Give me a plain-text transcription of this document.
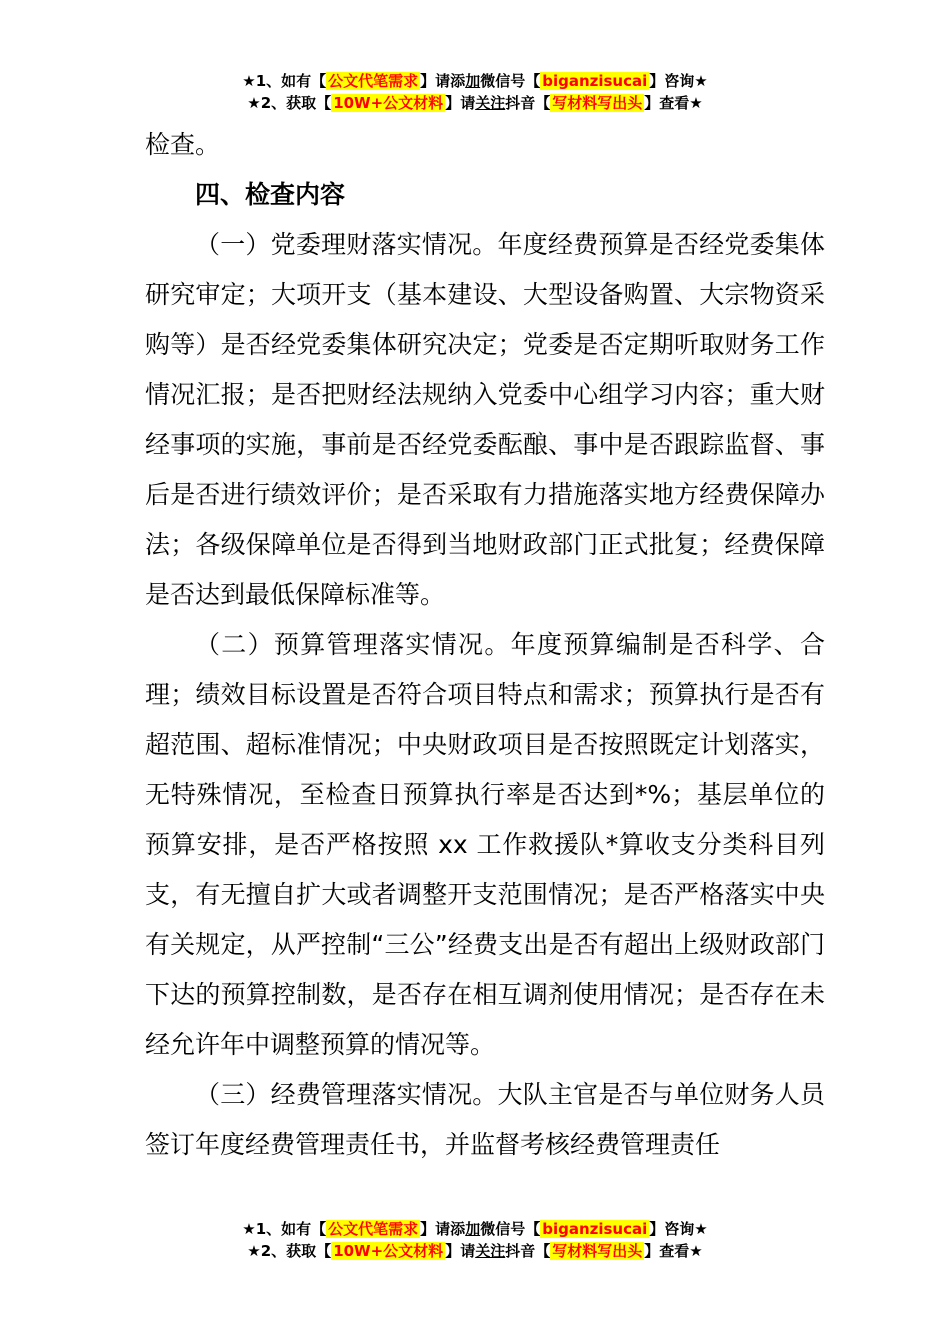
★1、如有【 公文代笔需求 】请添加微信号【 biganzisucai 】咨询★
★2、获取【 10W+公文材料 】请关注抖音【 写材料写出头 】查看★

检查。

四、检查内容

（一）党委理财落实情况。年度经费预算是否经党委集体研究审定；大项开支（基本建设、大型设备购置、大宗物资采购等）是否经党委集体研究决定；党委是否定期听取财务工作情况汇报；是否把财经法规纳入党委中心组学习内容；重大财经事项的实施，事前是否经党委酝酿、事中是否跟踪监督、事后是否进行绩效评价；是否采取有力措施落实地方经费保障办法；各级保障单位是否得到当地财政部门正式批复；经费保障是否达到最低保障标准等。

（二）预算管理落实情况。年度预算编制是否科学、合理；绩效目标设置是否符合项目特点和需求；预算执行是否有超范围、超标准情况；中央财政项目是否按照既定计划落实，无特殊情况，至检查日预算执行率是否达到*%；基层单位的预算安排，是否严格按照 xx 工作救援队*算收支分类科目列支，有无擅自扩大或者调整开支范围情况；是否严格落实中央有关规定，从严控制“三公”经费支出是否有超出上级财政部门下达的预算控制数，是否存在相互调剂使用情况；是否存在未经允许年中调整预算的情况等。

（三）经费管理落实情况。大队主官是否与单位财务人员签订年度经费管理责任书，并监督考核经费管理责任

★1、如有【 公文代笔需求 】请添加微信号【 biganzisucai 】咨询★
★2、获取【 10W+公文材料 】请关注抖音【 写材料写出头 】查看★
